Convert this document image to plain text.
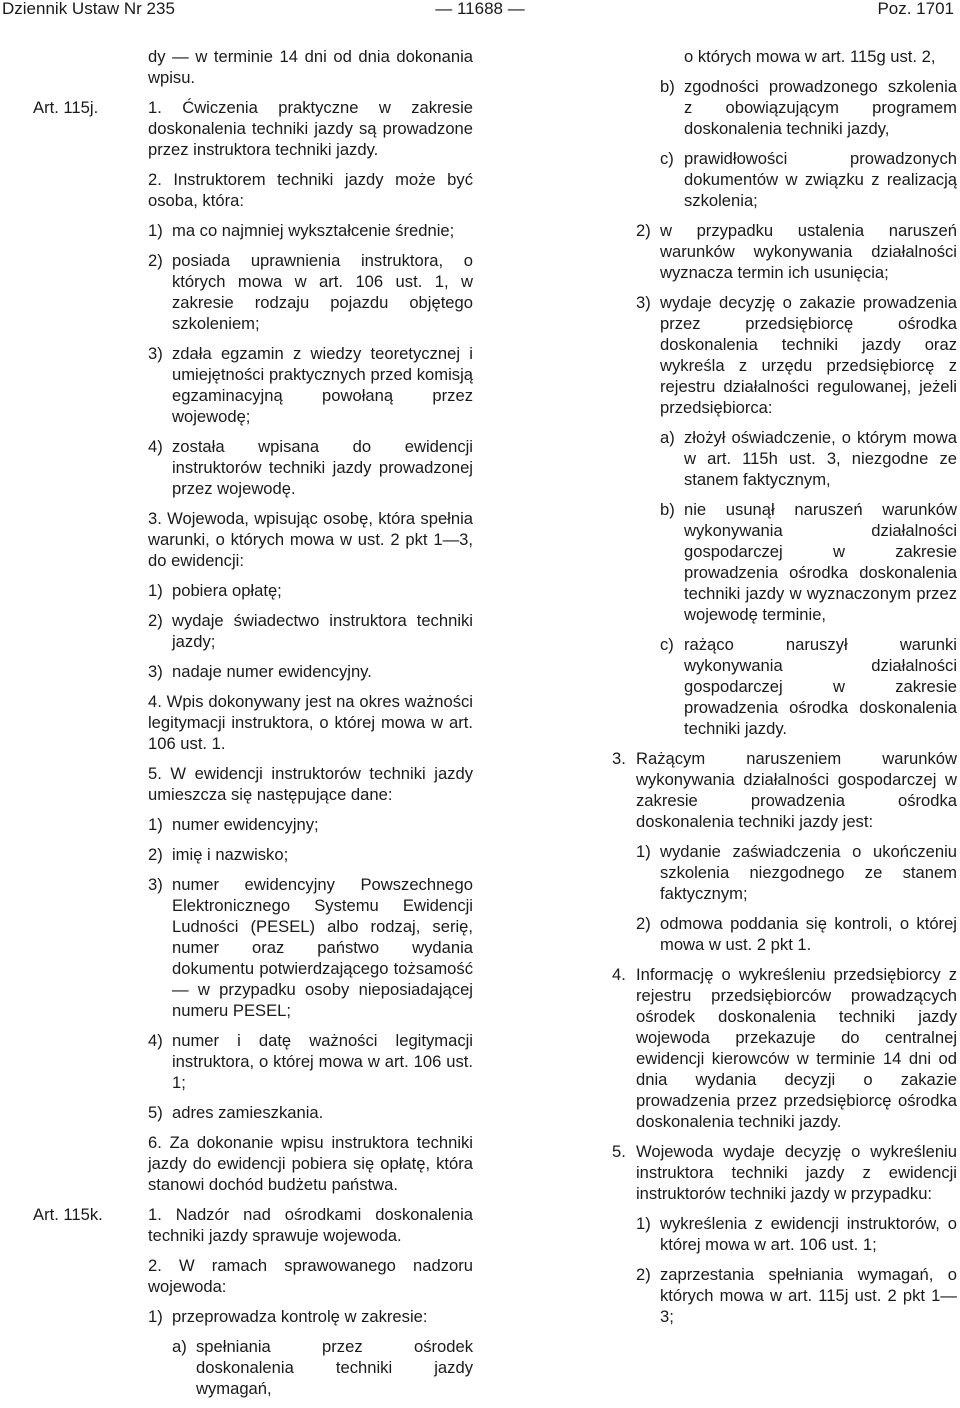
Dziennik Ustaw Nr 235	— 11688 —	Poz. 1701

dy — w terminie 14 dni od dnia dokonania wpisu.

Art. 115j.	1. Ćwiczenia praktyczne w zakresie doskonalenia techniki jazdy są prowadzone przez instruktora techniki jazdy.

2. Instruktorem techniki jazdy może być osoba, która:

1) ma co najmniej wykształcenie średnie;
2) posiada uprawnienia instruktora, o których mowa w art. 106 ust. 1, w zakresie rodzaju pojazdu objętego szkoleniem;
3) zdała egzamin z wiedzy teoretycznej i umiejętności praktycznych przed komisją egzaminacyjną powołaną przez wojewodę;
4) została wpisana do ewidencji instruktorów techniki jazdy prowadzonej przez wojewodę.

3. Wojewoda, wpisując osobę, która spełnia warunki, o których mowa w ust. 2 pkt 1—3, do ewidencji:

1) pobiera opłatę;
2) wydaje świadectwo instruktora techniki jazdy;
3) nadaje numer ewidencyjny.

4. Wpis dokonywany jest na okres ważności legitymacji instruktora, o której mowa w art. 106 ust. 1.

5. W ewidencji instruktorów techniki jazdy umieszcza się następujące dane:

1) numer ewidencyjny;
2) imię i nazwisko;
3) numer ewidencyjny Powszechnego Elektronicznego Systemu Ewidencji Ludności (PESEL) albo rodzaj, serię, numer oraz państwo wydania dokumentu potwierdzającego tożsamość — w przypadku osoby nieposiadającej numeru PESEL;
4) numer i datę ważności legitymacji instruktora, o której mowa w art. 106 ust. 1;
5) adres zamieszkania.

6. Za dokonanie wpisu instruktora techniki jazdy do ewidencji pobiera się opłatę, która stanowi dochód budżetu państwa.

Art. 115k.	1. Nadzór nad ośrodkami doskonalenia techniki jazdy sprawuje wojewoda.

2. W ramach sprawowanego nadzoru wojewoda:

1) przeprowadza kontrolę w zakresie:
a) spełniania przez ośrodek doskonalenia techniki jazdy wymagań,

o których mowa w art. 115g ust. 2,

b) zgodności prowadzonego szkolenia z obowiązującym programem doskonalenia techniki jazdy,
c) prawidłowości prowadzonych dokumentów w związku z realizacją szkolenia;
2) w przypadku ustalenia naruszeń warunków wykonywania działalności wyznacza termin ich usunięcia;
3) wydaje decyzję o zakazie prowadzenia przez przedsiębiorcę ośrodka doskonalenia techniki jazdy oraz wykreśla z urzędu przedsiębiorcę z rejestru działalności regulowanej, jeżeli przedsiębiorca:
a) złożył oświadczenie, o którym mowa w art. 115h ust. 3, niezgodne ze stanem faktycznym,
b) nie usunął naruszeń warunków wykonywania działalności gospodarczej w zakresie prowadzenia ośrodka doskonalenia techniki jazdy w wyznaczonym przez wojewodę terminie,
c) rażąco naruszył warunki wykonywania działalności gospodarczej w zakresie prowadzenia ośrodka doskonalenia techniki jazdy.
3. Rażącym naruszeniem warunków wykonywania działalności gospodarczej w zakresie prowadzenia ośrodka doskonalenia techniki jazdy jest:
1) wydanie zaświadczenia o ukończeniu szkolenia niezgodnego ze stanem faktycznym;
2) odmowa poddania się kontroli, o której mowa w ust. 2 pkt 1.
4. Informację o wykreśleniu przedsiębiorcy z rejestru przedsiębiorców prowadzących ośrodek doskonalenia techniki jazdy wojewoda przekazuje do centralnej ewidencji kierowców w terminie 14 dni od dnia wydania decyzji o zakazie prowadzenia przez przedsiębiorcę ośrodka doskonalenia techniki jazdy.
5. Wojewoda wydaje decyzję o wykreśleniu instruktora techniki jazdy z ewidencji instruktorów techniki jazdy w przypadku:
1) wykreślenia z ewidencji instruktorów, o której mowa w art. 106 ust. 1;
2) zaprzestania spełniania wymagań, o których mowa w art. 115j ust. 2 pkt 1—3;
